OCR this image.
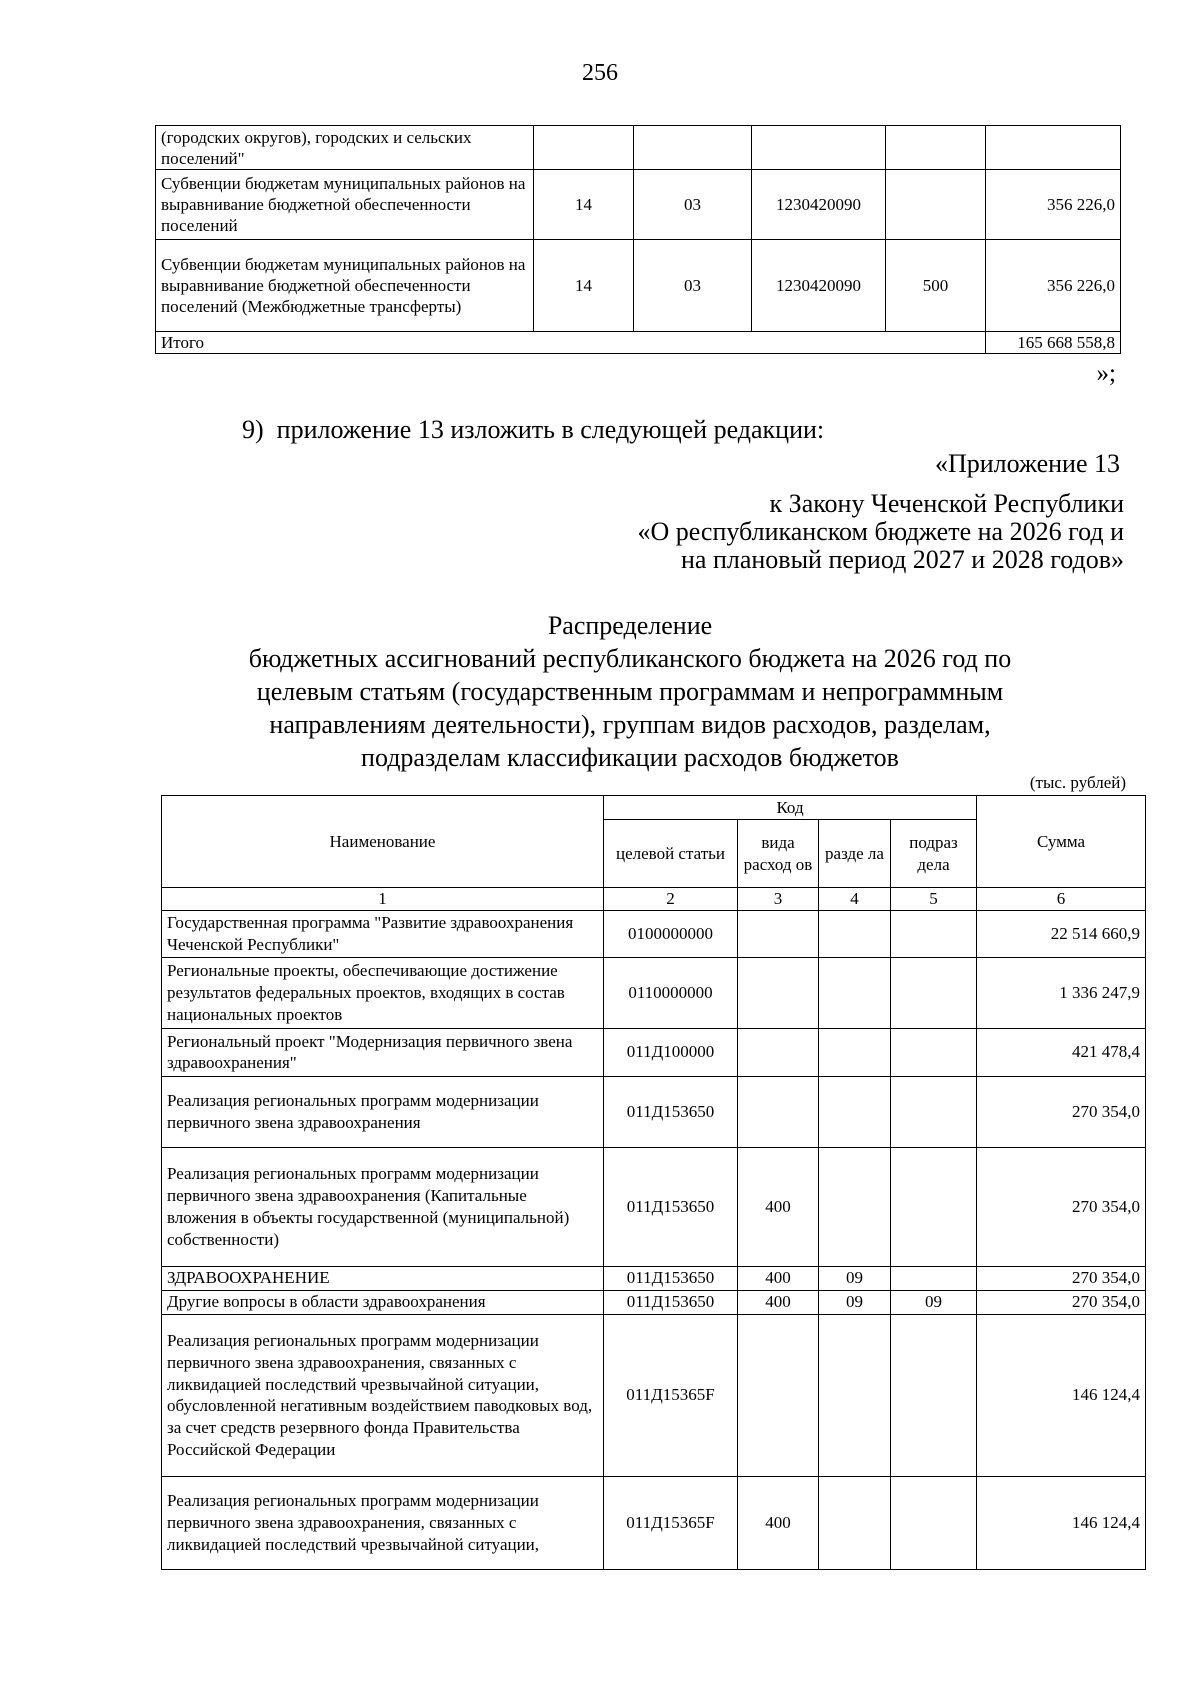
256
(городских округов), городских и сельских поселений"					
Субвенции бюджетам муниципальных районов на выравнивание бюджетной обеспеченности поселений	14	03	1230420090		356 226,0
Субвенции бюджетам муниципальных районов на выравнивание бюджетной обеспеченности поселений (Межбюджетные трансферты)	14	03	1230420090	500	356 226,0
Итого					165 668 558,8
»;
9)  приложение 13 изложить в следующей редакции:
«Приложение 13
к Закону Чеченской Республики
«О республиканском бюджете на 2026 год и
на плановый период 2027 и 2028 годов»
Распределение
бюджетных ассигнований республиканского бюджета на 2026 год по
целевым статьям (государственным программам и непрограммным
направлениям деятельности), группам видов расходов, разделам,
подразделам классификации расходов бюджетов
(тыс. рублей)
Наименование	Код				Сумма
	целевой статьи	вида расход ов	разде ла	подраз дела	
1	2	3	4	5	6
Государственная программа "Развитие здравоохранения Чеченской Республики"	0100000000				22 514 660,9
Региональные проекты, обеспечивающие достижение результатов федеральных проектов, входящих в состав национальных проектов	0110000000				1 336 247,9
Региональный проект "Модернизация первичного звена здравоохранения"	011Д100000				421 478,4
Реализация региональных программ модернизации первичного звена здравоохранения	011Д153650				270 354,0
Реализация региональных программ модернизации первичного звена здравоохранения (Капитальные вложения в объекты государственной (муниципальной) собственности)	011Д153650	400			270 354,0
ЗДРАВООХРАНЕНИЕ	011Д153650	400	09		270 354,0
Другие вопросы в области здравоохранения	011Д153650	400	09	09	270 354,0
Реализация региональных программ модернизации первичного звена здравоохранения, связанных с ликвидацией последствий чрезвычайной ситуации, обусловленной негативным воздействием паводковых вод, за счет средств резервного фонда Правительства Российской Федерации	011Д15365F				146 124,4
Реализация региональных программ модернизации первичного звена здравоохранения, связанных с ликвидацией последствий чрезвычайной ситуации,	011Д15365F	400			146 124,4
